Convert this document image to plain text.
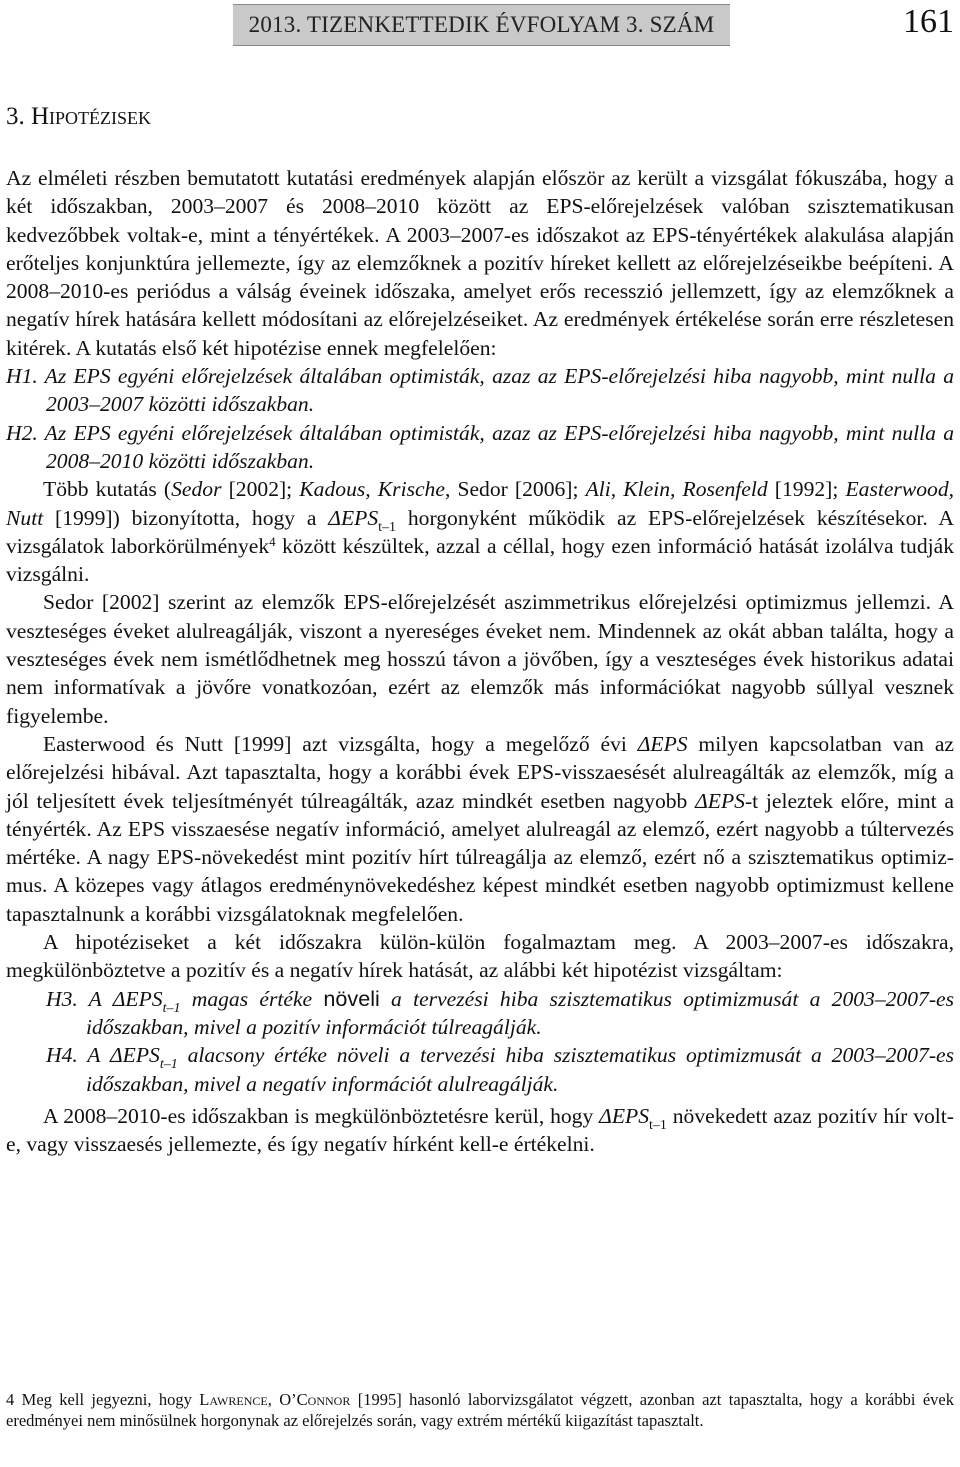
2013. TIZENKETTEDIK ÉVFOLYAM 3. SZÁM	161
3. Hipotézisek

Az elméleti részben bemutatott kutatási eredmények alapján először az került a vizsgálat fókuszába, hogy a két időszakban, 2003–2007 és 2008–2010 között az EPS-előrejelzések valóban szisztematikusan kedvezőbbek voltak-e, mint a tényértékek. A 2003–2007-es időszakot az EPS-tényértékek alakulása alapján erőteljes konjunktúra jellemezte, így az elemzőknek a pozitív híreket kellett az előrejelzéseikbe beépíteni. A 2008–2010-es periódus a válság éveinek időszaka, amelyet erős recesszió jellemzett, így az elemzőknek a negatív hírek hatására kellett módosítani az előrejelzéseiket. Az eredmények értékelése során erre részletesen kitérek. A kutatás első két hipotézise ennek megfelelően:

H1. Az EPS egyéni előrejelzések általában optimisták, azaz az EPS-előrejelzési hiba nagyobb, mint nulla a 2003–2007 közötti időszakban.

H2. Az EPS egyéni előrejelzések általában optimisták, azaz az EPS-előrejelzési hiba nagyobb, mint nulla a 2008–2010 közötti időszakban.

Több kutatás (Sedor [2002]; Kadous, Krische, Sedor [2006]; Ali, Klein, Rosenfeld [1992]; Easterwood, Nutt [1999]) bizonyította, hogy a $\Delta EPS_{t-1}$ horgonyként működik az EPS-előrejelzések készítésekor. A vizsgálatok laborkörülmények$^4$ között készültek, azzal a céllal, hogy ezen információ hatását izolálva tudják vizsgálni.

Sedor [2002] szerint az elemzők EPS-előrejelzését aszimmetrikus előrejelzési optimizmus jellemzi. A veszteséges éveket alulreagálják, viszont a nyereséges éveket nem. Mindennek az okát abban találta, hogy a veszteséges évek nem ismétlődhetnek meg hosszú távon a jövőben, így a veszteséges évek historikus adatai nem informatívak a jövőre vonatkozóan, ezért az elemzők más információkat nagyobb súllyal vesznek figyelembe.

Easterwood és Nutt [1999] azt vizsgálta, hogy a megelőző évi ΔEPS milyen kapcsolatban van az előrejelzési hibával. Azt tapasztalta, hogy a korábbi évek EPS-visszaesését alulreagálták az elemzők, míg a jól teljesített évek teljesítményét túlreagálták, azaz mindkét esetben nagyobb ΔEPS-t jeleztek előre, mint a tényérték. Az EPS visszaesése negatív információ, amelyet alulreagál az elemző, ezért nagyobb a túltervezés mértéke. A nagy EPS-növekedést mint pozitív hírt túlreagálja az elemző, ezért nő a szisztematikus optimizmus. A közepes vagy átlagos eredménynövekedéshez képest mindkét esetben nagyobb optimizmust kellene tapasztalnunk a korábbi vizsgálatoknak megfelelően.

A hipotéziseket a két időszakra külön-külön fogalmaztam meg. A 2003–2007-es időszakra, megkülönböztetve a pozitív és a negatív hírek hatását, az alábbi két hipotézist vizsgáltam:

H3. A $\Delta EPS_{t-1}$ magas értéke növeli a tervezési hiba szisztematikus optimizmusát a 2003–2007-es időszakban, mivel a pozitív információt túlreagálják.

H4. A $\Delta EPS_{t-1}$ alacsony értéke növeli a tervezési hiba szisztematikus optimizmusát a 2003–2007-es időszakban, mivel a negatív információt alulreagálják.

A 2008–2010-es időszakban is megkülönböztetésre kerül, hogy $\Delta EPS_{t-1}$ növekedett azaz pozitív hír volt-e, vagy visszaesés jellemezte, és így negatív hírként kell-e értékelni.

4 Meg kell jegyezni, hogy Lawrence, O’Connor [1995] hasonló laborvizsgálatot végzett, azonban azt tapasztalta, hogy a korábbi évek eredményei nem minősülnek horgonynak az előrejelzés során, vagy extrém mértékű kiigazítást tapasztalt.
